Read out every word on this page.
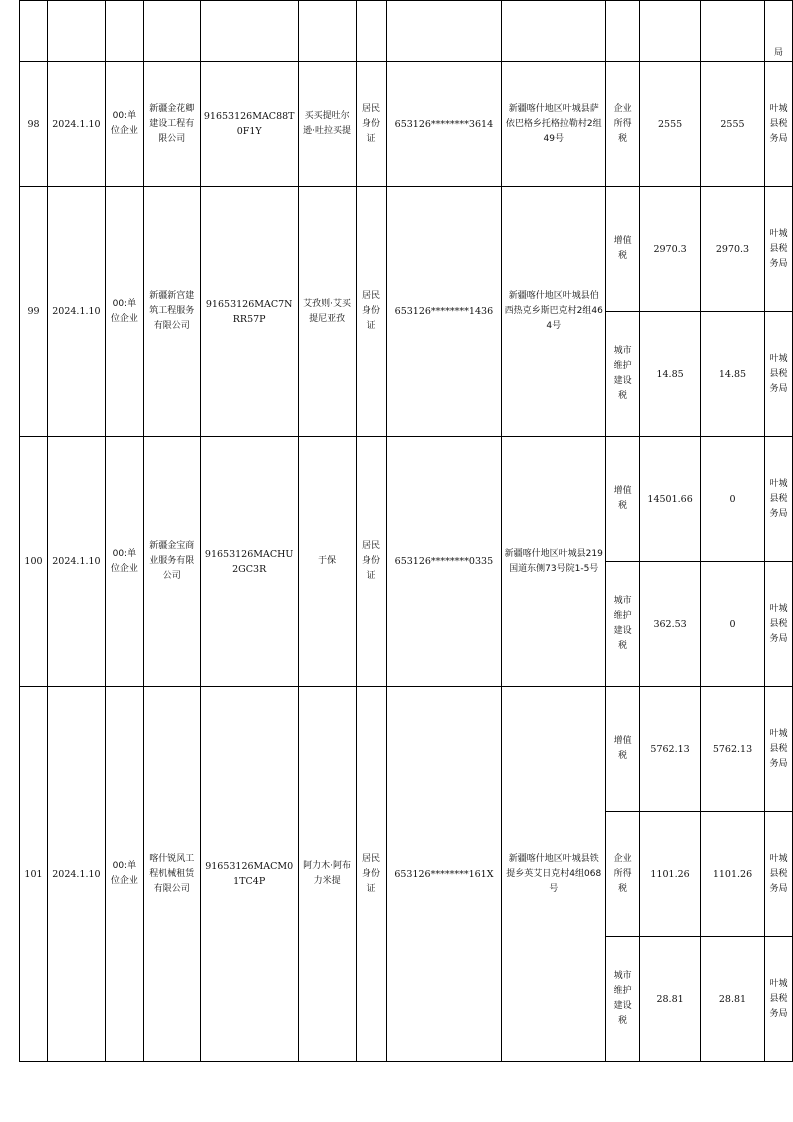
												局
98	2024.1.10	00:单位企业	新疆金花卿建设工程有限公司	91653126MAC88T0F1Y	买买提吐尔逊·吐拉买提	居民身份证	653126********3614	新疆喀什地区叶城县萨依巴格乡托格拉勒村2组49号	企业所得税	2555	2555	叶城县税务局
99	2024.1.10	00:单位企业	新疆新宫建筑工程服务有限公司	91653126MAC7NRR57P	艾孜则·艾买提尼亚孜	居民身份证	653126********1436	新疆喀什地区叶城县伯西热克乡斯巴克村2组464号	增值税	2970.3	2970.3	叶城县税务局
									城市维护建设税	14.85	14.85	叶城县税务局
100	2024.1.10	00:单位企业	新疆金宝商业服务有限公司	91653126MACHU2GC3R	于保	居民身份证	653126********0335	新疆喀什地区叶城县219国道东侧73号院1-5号	增值税	14501.66	0	叶城县税务局
									城市维护建设税	362.53	0	叶城县税务局
101	2024.1.10	00:单位企业	喀什锐风工程机械租赁有限公司	91653126MACM01TC4P	阿力木·阿布力米提	居民身份证	653126********161X	新疆喀什地区叶城县铁提乡英艾日克村4组068号	增值税	5762.13	5762.13	叶城县税务局
									企业所得税	1101.26	1101.26	叶城县税务局
									城市维护建设税	28.81	28.81	叶城县税务局
